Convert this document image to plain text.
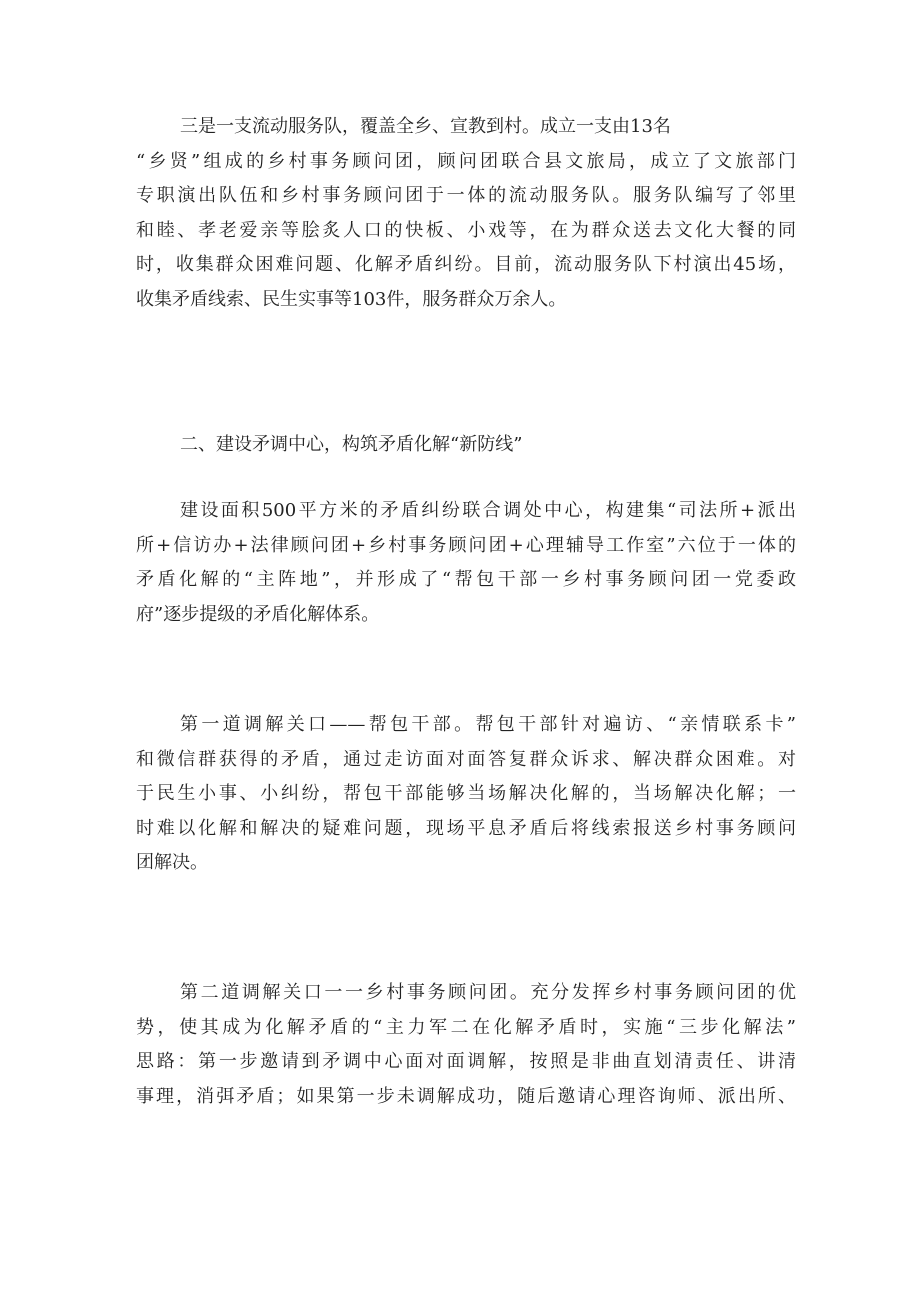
三是一支流动服务队，覆盖全乡、宣教到村。成立一支由13名
“乡贤”组成的乡村事务顾问团，顾问团联合县文旅局，成立了文旅部门
专职演出队伍和乡村事务顾问团于一体的流动服务队。服务队编写了邻里
和睦、孝老爱亲等脍炙人口的快板、小戏等，在为群众送去文化大餐的同
时，收集群众困难问题、化解矛盾纠纷。目前，流动服务队下村演出45场，
收集矛盾线索、民生实事等103件，服务群众万余人。
二、建设矛调中心，构筑矛盾化解“新防线”
建设面积500平方米的矛盾纠纷联合调处中心，构建集“司法所+派出
所+信访办+法律顾问团+乡村事务顾问团+心理辅导工作室”六位于一体的
矛盾化解的“主阵地”，并形成了“帮包干部一乡村事务顾问团一党委政
府”逐步提级的矛盾化解体系。
第一道调解关口——帮包干部。帮包干部针对遍访、“亲情联系卡”
和微信群获得的矛盾，通过走访面对面答复群众诉求、解决群众困难。对
于民生小事、小纠纷，帮包干部能够当场解决化解的，当场解决化解；一
时难以化解和解决的疑难问题，现场平息矛盾后将线索报送乡村事务顾问
团解决。
第二道调解关口一一乡村事务顾问团。充分发挥乡村事务顾问团的优
势，使其成为化解矛盾的“主力军二在化解矛盾时，实施“三步化解法”
思路：第一步邀请到矛调中心面对面调解，按照是非曲直划清责任、讲清
事理，消弭矛盾；如果第一步未调解成功，随后邀请心理咨询师、派出所、
